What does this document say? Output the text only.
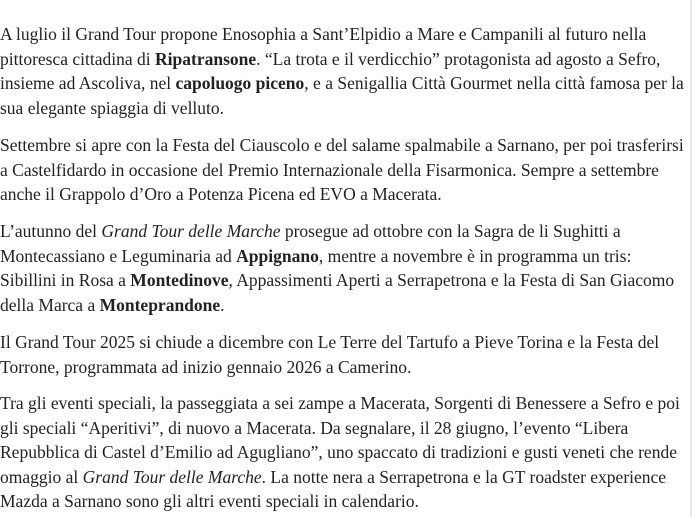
A luglio il Grand Tour propone Enosophia a Sant’Elpidio a Mare e Campanili al futuro nella pittoresca cittadina di Ripatransone. “La trota e il verdicchio” protagonista ad agosto a Sefro, insieme ad Ascoliva, nel capoluogo piceno, e a Senigallia Città Gourmet nella città famosa per la sua elegante spiaggia di velluto.

Settembre si apre con la Festa del Ciauscolo e del salame spalmabile a Sarnano, per poi trasferirsi a Castelfidardo in occasione del Premio Internazionale della Fisarmonica. Sempre a settembre anche il Grappolo d’Oro a Potenza Picena ed EVO a Macerata.

L’autunno del Grand Tour delle Marche prosegue ad ottobre con la Sagra de li Sughitti a Montecassiano e Leguminaria ad Appignano, mentre a novembre è in programma un tris: Sibillini in Rosa a Montedinove, Appassimenti Aperti a Serrapetrona e la Festa di San Giacomo della Marca a Monteprandone.

Il Grand Tour 2025 si chiude a dicembre con Le Terre del Tartufo a Pieve Torina e la Festa del Torrone, programmata ad inizio gennaio 2026 a Camerino.

Tra gli eventi speciali, la passeggiata a sei zampe a Macerata, Sorgenti di Benessere a Sefro e poi gli speciali “Aperitivi”, di nuovo a Macerata. Da segnalare, il 28 giugno, l’evento “Libera Repubblica di Castel d’Emilio ad Agugliano”, uno spaccato di tradizioni e gusti veneti che rende omaggio al Grand Tour delle Marche. La notte nera a Serrapetrona e la GT roadster experience Mazda a Sarnano sono gli altri eventi speciali in calendario.
